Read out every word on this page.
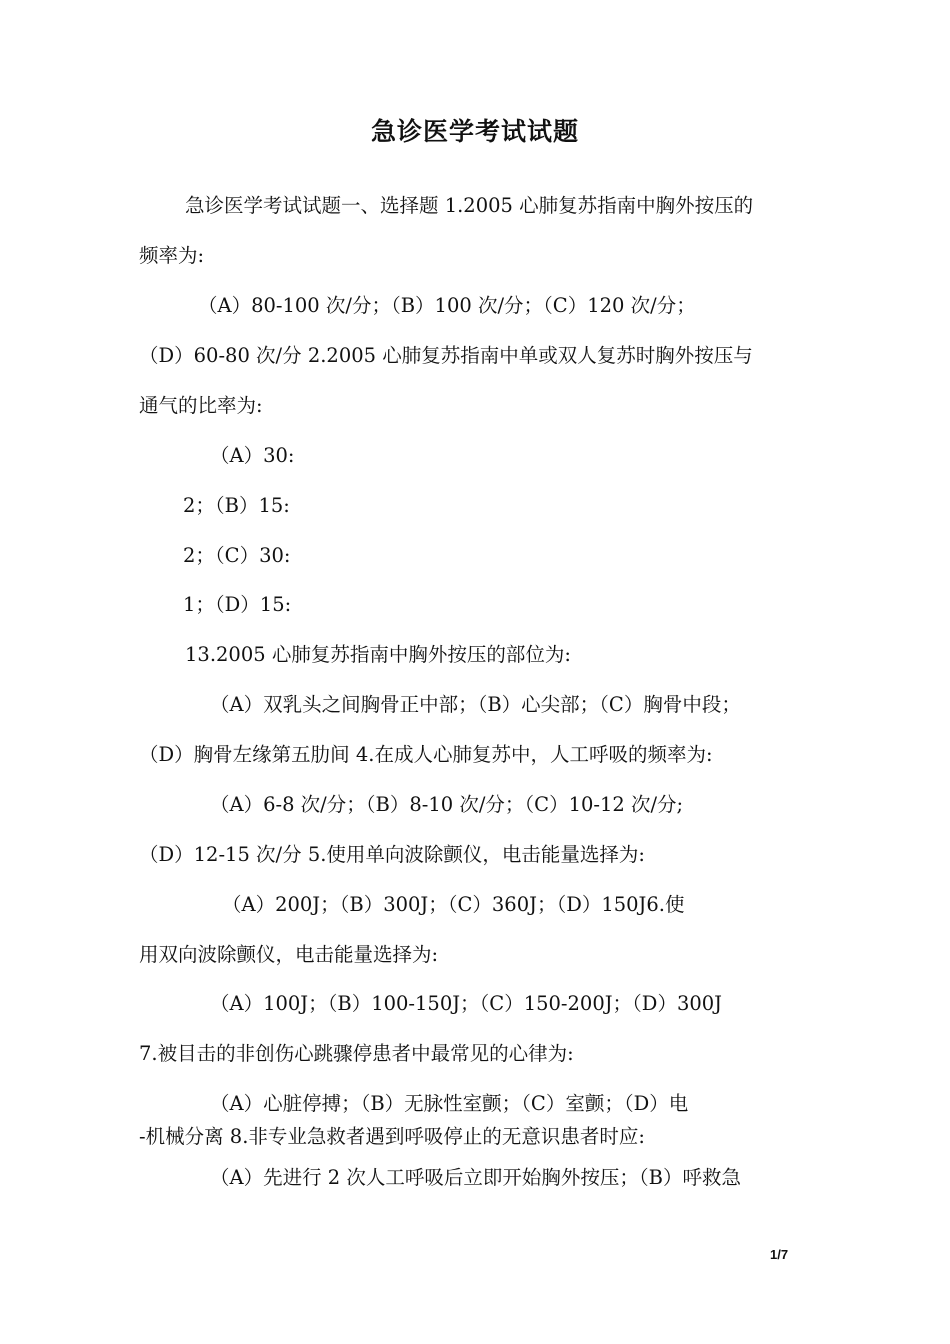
急诊医学考试试题
急诊医学考试试题一、选择题 1.2005 心肺复苏指南中胸外按压的
频率为:
（A）80-100 次/分；（B）100 次/分；（C）120 次/分；
（D）60-80 次/分 2.2005 心肺复苏指南中单或双人复苏时胸外按压与
通气的比率为:
（A）30:
2；（B）15:
2；（C）30:
1；（D）15:
13.2005 心肺复苏指南中胸外按压的部位为:
（A）双乳头之间胸骨正中部；（B）心尖部；（C）胸骨中段；
（D）胸骨左缘第五肋间 4.在成人心肺复苏中，人工呼吸的频率为:
（A）6-8 次/分；（B）8-10 次/分；（C）10-12 次/分;
（D）12-15 次/分 5.使用单向波除颤仪，电击能量选择为:
（A）200J；（B）300J；（C）360J；（D）150J6.使
用双向波除颤仪，电击能量选择为:
（A）100J；（B）100-150J；（C）150-200J；（D）300J
7.被目击的非创伤心跳骤停患者中最常见的心律为:
（A）心脏停搏；（B）无脉性室颤；（C）室颤；（D）电
-机械分离 8.非专业急救者遇到呼吸停止的无意识患者时应:
（A）先进行 2 次人工呼吸后立即开始胸外按压；（B）呼救急
1/7
